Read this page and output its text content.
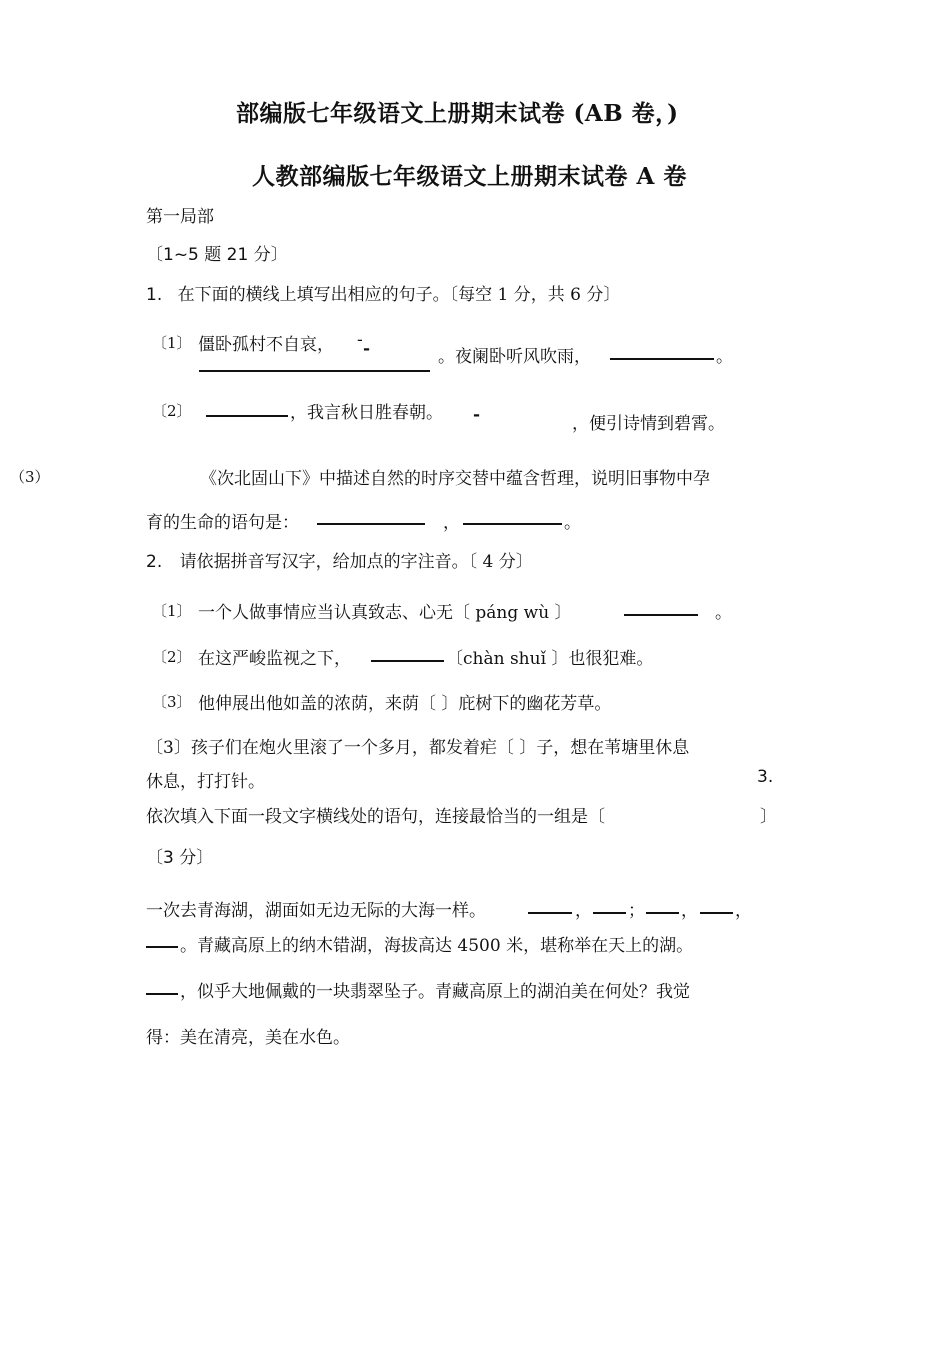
部编版七年级语文上册期末试卷 (AB 卷，)
人教部编版七年级语文上册期末试卷 A 卷
第一局部
〔1~5 题 21 分〕
1. 在下面的横线上填写出相应的句子。〔每空 1 分，共 6 分〕
〔1〕 僵卧孤村不自哀， - -	。夜阑卧听风吹雨，	。
〔2〕	，我言秋日胜春朝。 -	，便引诗情到碧霄。
（3）	《次北固山下》中描述自然的时序交替中蕴含哲理，说明旧事物中孕
育的生命的语句是：	，	。
2. 请依据拼音写汉字，给加点的字注音。〔 4 分〕
〔1〕 一个人做事情应当认真致志、心无〔 páng wù 〕	。
〔2〕 在这严峻监视之下，	〔chàn shuǐ 〕也很犯难。
〔3〕 他伸展出他如盖的浓荫，来荫〔 〕庇树下的幽花芳草。
〔3〕孩子们在炮火里滚了一个多月，都发着疟〔 〕子，想在苇塘里休息
休息，打打针。	3.
依次填入下面一段文字横线处的语句，连接最恰当的一组是〔	〕
〔3 分〕
一次去青海湖，湖面如无边无际的大海一样。	， ； ， ，
。青藏高原上的纳木错湖，海拔高达 4500 米，堪称举在天上的湖。
，似乎大地佩戴的一块翡翠坠子。青藏高原上的湖泊美在何处？我觉
得：美在清亮，美在水色。
